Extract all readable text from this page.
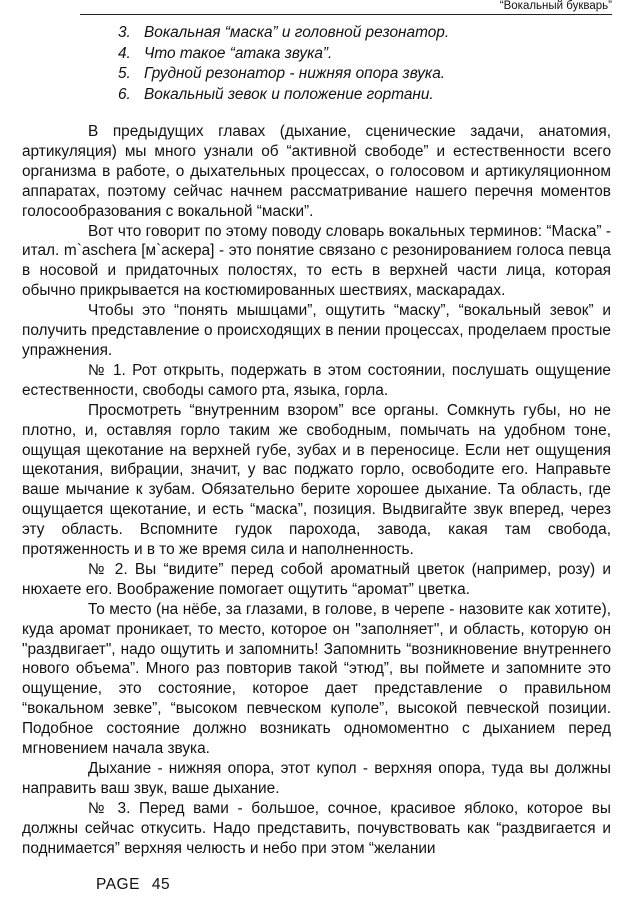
“Вокальный букварь”
3. Вокальная “маска” и головной резонатор.
4. Что такое “атака звука”.
5. Грудной резонатор - нижняя опора звука.
6. Вокальный зевок и положение гортани.

В предыдущих главах (дыхание, сценические задачи, анатомия, артикуляция) мы много узнали об “активной свободе” и естественности всего организма в работе, о дыхательных процессах, о голосовом и артикуляционном аппаратах, поэтому сейчас начнем рассматривание нашего перечня моментов голосообразования с вокальной “маски”.

Вот что говорит по этому поводу словарь вокальных терминов: “Маска” - итал. m`aschera [м`аскера] - это понятие связано с резонированием голоса певца в носовой и придаточных полостях, то есть в верхней части лица, которая обычно прикрывается на костюмированных шествиях, маскарадах.

Чтобы это “понять мышцами”, ощутить “маску”, “вокальный зевок” и получить представление о происходящих в пении процессах, проделаем простые упражнения.

№ 1. Рот открыть, подержать в этом состоянии, послушать ощущение естественности, свободы самого рта, языка, горла.

Просмотреть “внутренним взором” все органы. Сомкнуть губы, но не плотно, и, оставляя горло таким же свободным, помычать на удобном тоне, ощущая щекотание на верхней губе, зубах и в переносице. Если нет ощущения щекотания, вибрации, значит, у вас поджато горло, освободите его. Направьте ваше мычание к зубам. Обязательно берите хорошее дыхание. Та область, где ощущается щекотание, и есть “маска”, позиция. Выдвигайте звук вперед, через эту область. Вспомните гудок парохода, завода, какая там свобода, протяженность и в то же время сила и наполненность.

№ 2. Вы “видите” перед собой ароматный цветок (например, розу) и нюхаете его. Воображение помогает ощутить “аромат” цветка.

То место (на нёбе, за глазами, в голове, в черепе - назовите как хотите), куда аромат проникает, то место, которое он "заполняет", и область, которую он "раздвигает", надо ощутить и запомнить! Запомнить “возникновение внутреннего нового объема”. Много раз повторив такой “этюд”, вы поймете и запомните это ощущение, это состояние, которое дает представление о правильном “вокальном зевке”, “высоком певческом куполе”, высокой певческой позиции. Подобное состояние должно возникать одномоментно с дыханием перед мгновением начала звука.

Дыхание - нижняя опора, этот купол - верхняя опора, туда вы должны направить ваш звук, ваше дыхание.

№ 3. Перед вами - большое, сочное, красивое яблоко, которое вы должны сейчас откусить. Надо представить, почувствовать как “раздвигается и поднимается” верхняя челюсть и небо при этом “желании

PAGE 45
